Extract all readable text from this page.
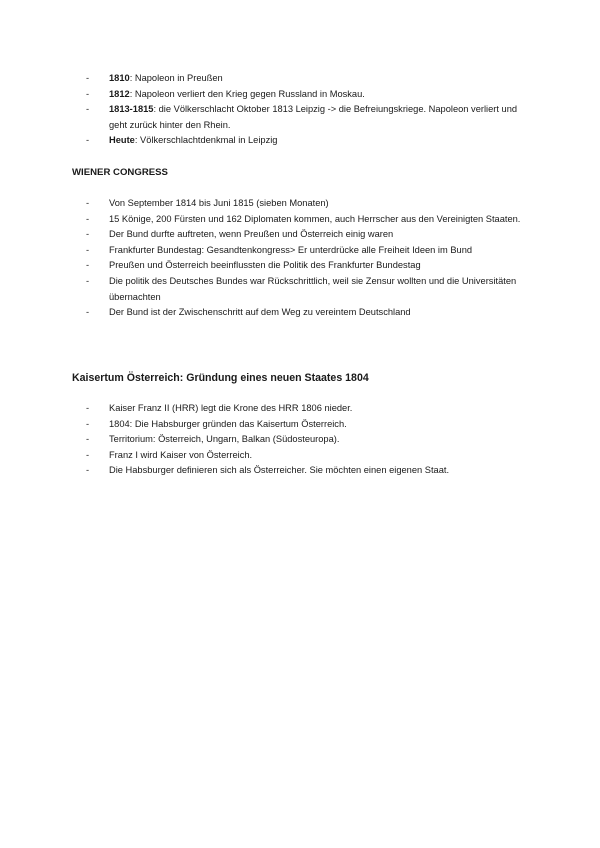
- 1810: Napoleon in Preußen
- 1812: Napoleon verliert den Krieg gegen Russland in Moskau.
- 1813-1815: die Völkerschlacht Oktober 1813 Leipzig -> die Befreiungskriege. Napoleon verliert und geht zurück hinter den Rhein.
- Heute: Völkerschlachtdenkmal in Leipzig

WIENER CONGRESS

- Von September 1814 bis Juni 1815 (sieben Monaten)
- 15 Könige, 200 Fürsten und 162 Diplomaten kommen, auch Herrscher aus den Vereinigten Staaten.
- Der Bund durfte auftreten, wenn Preußen und Österreich einig waren
- Frankfurter Bundestag: Gesandtenkongress> Er unterdrücke alle Freiheit Ideen im Bund
- Preußen und Österreich beeinflussten die Politik des Frankfurter Bundestag
- Die politik des Deutsches Bundes war Rückschrittlich, weil sie Zensur wollten und die Universitäten übernachten
- Der Bund ist der Zwischenschritt auf dem Weg zu vereintem Deutschland

Kaisertum Österreich: Gründung eines neuen Staates 1804

- Kaiser Franz II (HRR) legt die Krone des HRR 1806 nieder.
- 1804: Die Habsburger gründen das Kaisertum Österreich.
- Territorium: Österreich, Ungarn, Balkan (Südosteuropa).
- Franz I wird Kaiser von Österreich.
- Die Habsburger definieren sich als Österreicher. Sie möchten einen eigenen Staat.
